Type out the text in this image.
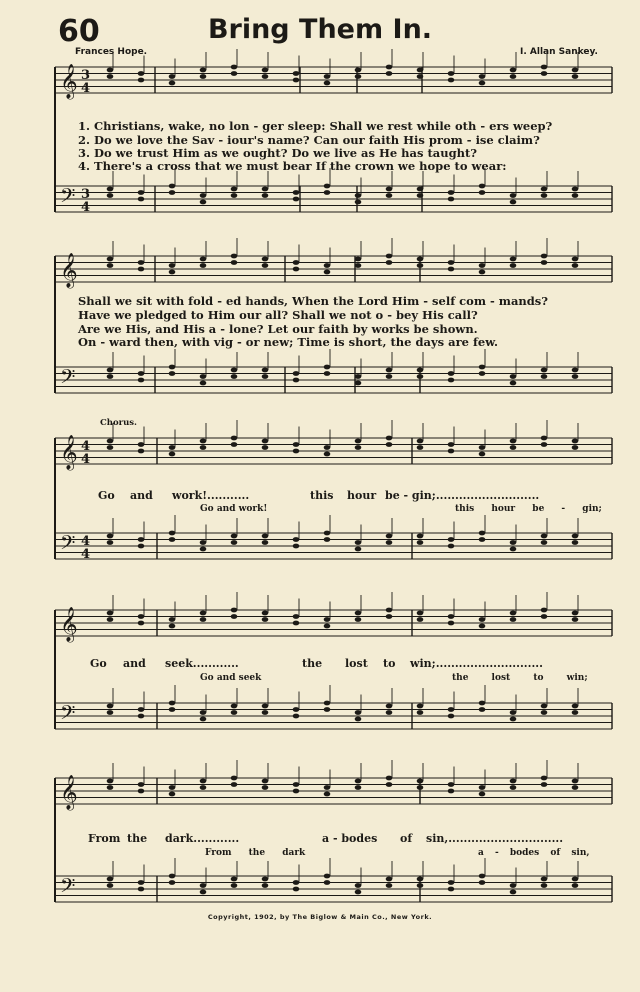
60	Bring Them In.
Frances Hope.	I. Allan Sankey.
𝄞
𝄢
3
3
4
4
𝄞
𝄢
𝄞
𝄢
4
4
4
4
𝄞
𝄢
𝄞
𝄢
1. Christians, wake, no lon - ger sleep: Shall we rest while oth - ers weep?
2. Do we love the Sav - iour's name? Can our faith His prom - ise claim?
3. Do we trust Him as we ought? Do we live as He has taught?
4. There's a cross that we must bear If the crown we hope to wear:
Shall we sit with fold - ed hands, When the Lord Him - self com - mands?
Have we pledged to Him our all? Shall we not o - bey His call?
Are we His, and His a - lone? Let our faith by works be shown.
On - ward then, with vig - or new; Time is short, the days are few.
Chorus.
Go and work!...........	this hour be - gin;...........................
Go and work!	this hour be - gin;
Go and seek............	the lost to win;............................
Go and seek	the lost to win;
From the dark............	a - bodes of sin,..............................
From the dark	a - bodes of sin,
Copyright, 1902, by The Biglow & Main Co., New York.
